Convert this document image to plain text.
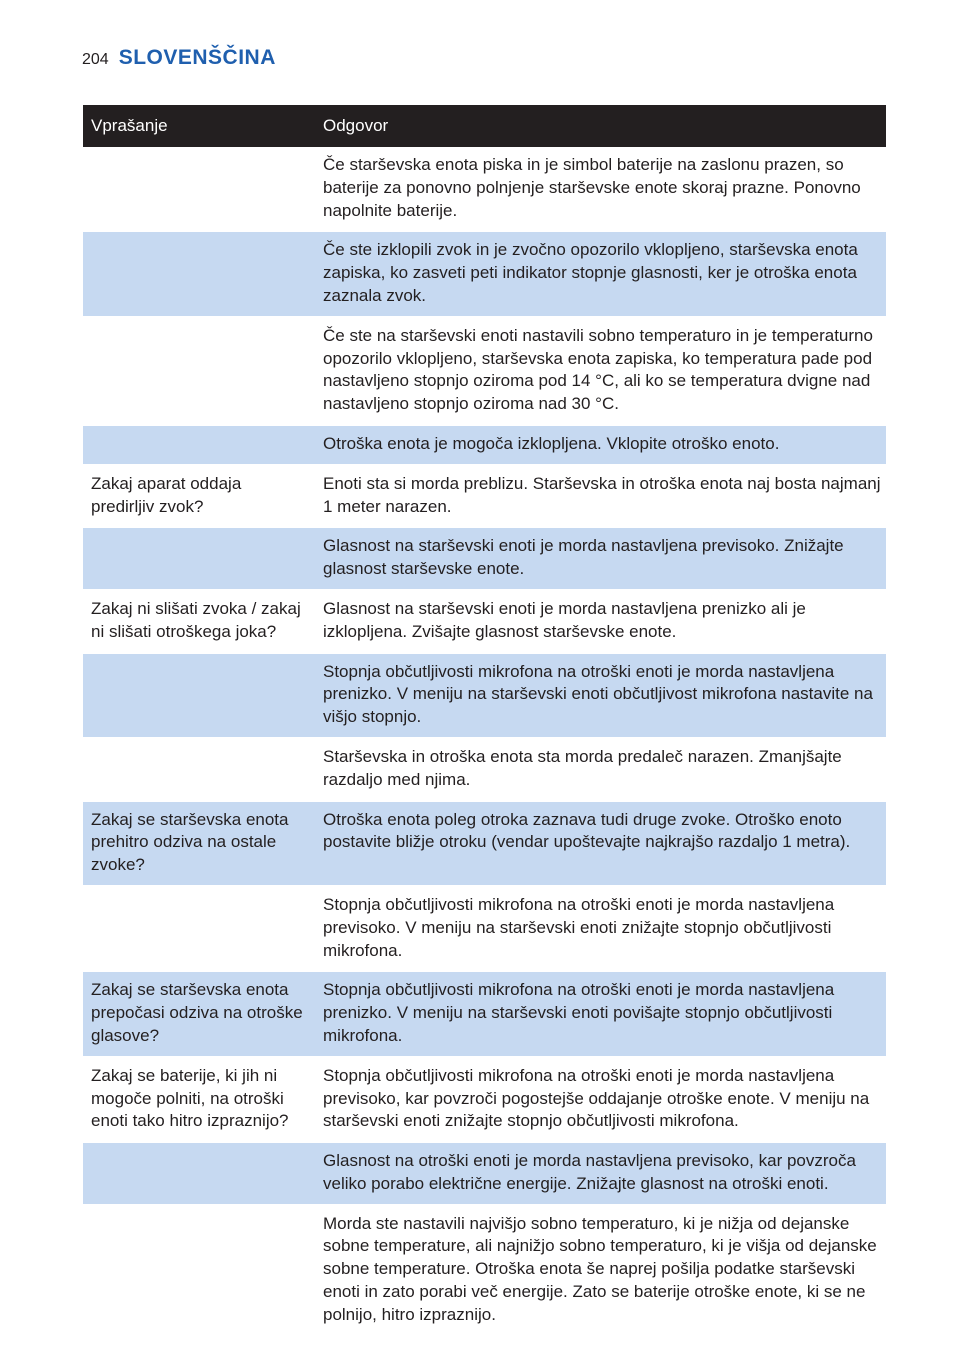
204 SLOVENŠČINA
Vprašanje	Odgovor
	Če starševska enota piska in je simbol baterije na zaslonu prazen, so baterije za ponovno polnjenje starševske enote skoraj prazne. Ponovno napolnite baterije.
	Če ste izklopili zvok in je zvočno opozorilo vklopljeno, starševska enota zapiska, ko zasveti peti indikator stopnje glasnosti, ker je otroška enota zaznala zvok.
	Če ste na starševski enoti nastavili sobno temperaturo in je temperaturno opozorilo vklopljeno, starševska enota zapiska, ko temperatura pade pod nastavljeno stopnjo oziroma pod 14 °C, ali ko se temperatura dvigne nad nastavljeno stopnjo oziroma nad 30 °C.
	Otroška enota je mogoča izklopljena. Vklopite otroško enoto.
Zakaj aparat oddaja predirljiv zvok?	Enoti sta si morda preblizu. Starševska in otroška enota naj bosta najmanj 1 meter narazen.
	Glasnost na starševski enoti je morda nastavljena previsoko. Znižajte glasnost starševske enote.
Zakaj ni slišati zvoka / zakaj ni slišati otroškega joka?	Glasnost na starševski enoti je morda nastavljena prenizko ali je izklopljena. Zvišajte glasnost starševske enote.
	Stopnja občutljivosti mikrofona na otroški enoti je morda nastavljena prenizko. V meniju na starševski enoti občutljivost mikrofona nastavite na višjo stopnjo.
	Starševska in otroška enota sta morda predaleč narazen. Zmanjšajte razdaljo med njima.
Zakaj se starševska enota prehitro odziva na ostale zvoke?	Otroška enota poleg otroka zaznava tudi druge zvoke. Otroško enoto postavite bližje otroku (vendar upoštevajte najkrajšo razdaljo 1 metra).
	Stopnja občutljivosti mikrofona na otroški enoti je morda nastavljena previsoko. V meniju na starševski enoti znižajte stopnjo občutljivosti mikrofona.
Zakaj se starševska enota prepočasi odziva na otroške glasove?	Stopnja občutljivosti mikrofona na otroški enoti je morda nastavljena prenizko. V meniju na starševski enoti povišajte stopnjo občutljivosti mikrofona.
Zakaj se baterije, ki jih ni mogoče polniti, na otroški enoti tako hitro izpraznijo?	Stopnja občutljivosti mikrofona na otroški enoti je morda nastavljena previsoko, kar povzroči pogostejše oddajanje otroške enote. V meniju na starševski enoti znižajte stopnjo občutljivosti mikrofona.
	Glasnost na otroški enoti je morda nastavljena previsoko, kar povzroča veliko porabo električne energije. Znižajte glasnost na otroški enoti.
	Morda ste nastavili najvišjo sobno temperaturo, ki je nižja od dejanske sobne temperature, ali najnižjo sobno temperaturo, ki je višja od dejanske sobne temperature. Otroška enota še naprej pošilja podatke starševski enoti in zato porabi več energije. Zato se baterije otroške enote, ki se ne polnijo, hitro izpraznijo.
